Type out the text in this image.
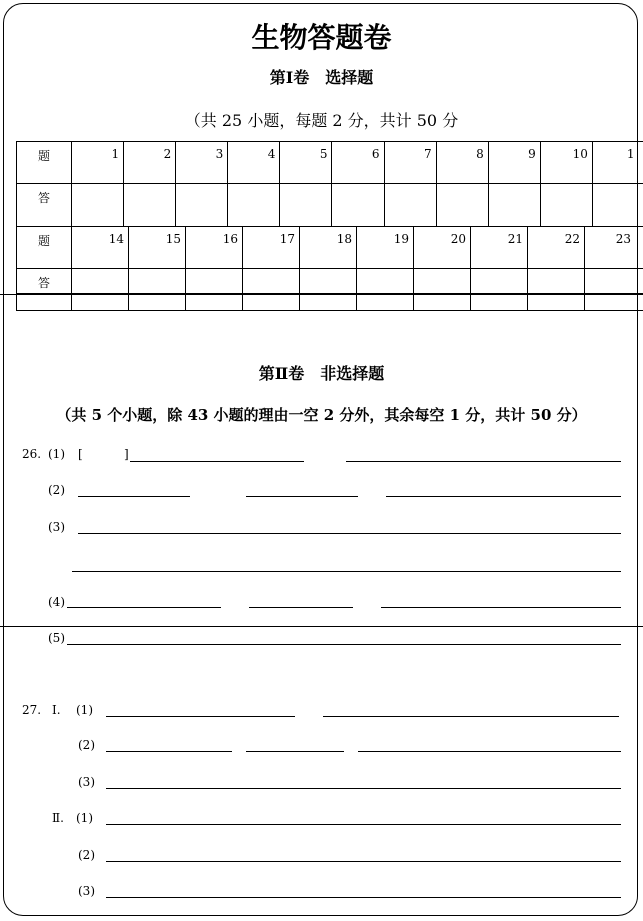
生物答题卷
第Ⅰ卷　选择题
（共 25 小题，每题 2 分，共计 50 分
题	1	2	3	4	5	6	7	8	9	10	1
答											
题	14	15	16	17	18	19	20	21	22	23
答										

第Ⅱ卷　非选择题
（共 5 个小题，除 43 小题的理由一空 2 分外，其余每空 1 分，共计 50 分）
26. (1) [	]
(2)
(3)
(4)
(5)
27. Ⅰ. (1)
(2)
(3)
Ⅱ. (1)
(2)
(3)
